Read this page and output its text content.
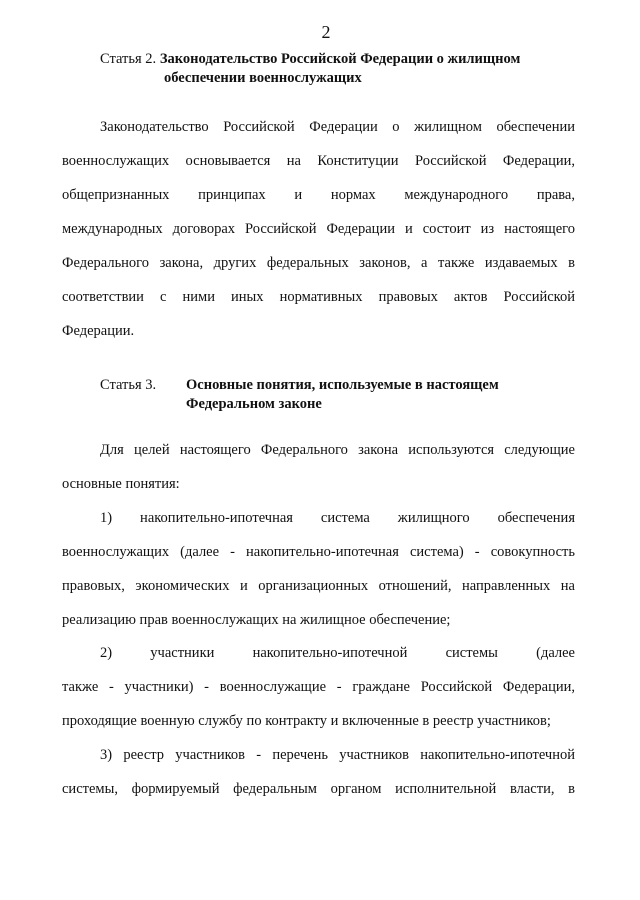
2
Статья 2. Законодательство Российской Федерации о жилищном
обеспечении военнослужащих
Законодательство Российской Федерации о жилищном обеспечении
военнослужащих основывается на Конституции Российской Федерации,
общепризнанных принципах и нормах международного права,
международных договорах Российской Федерации и состоит из настоящего
Федерального закона, других федеральных законов, а также издаваемых в
соответствии с ними иных нормативных правовых актов Российской
Федерации.
Статья 3. Основные понятия, используемые в настоящем
Федеральном законе
Для целей настоящего Федерального закона используются следующие
основные понятия:
1) накопительно-ипотечная система жилищного обеспечения
военнослужащих (далее - накопительно-ипотечная система) - совокупность
правовых, экономических и организационных отношений, направленных на
реализацию прав военнослужащих на жилищное обеспечение;
2) участники накопительно-ипотечной системы (далее
также - участники) - военнослужащие - граждане Российской Федерации,
проходящие военную службу по контракту и включенные в реестр участников;
3) реестр участников - перечень участников накопительно-ипотечной
системы, формируемый федеральным органом исполнительной власти, в
